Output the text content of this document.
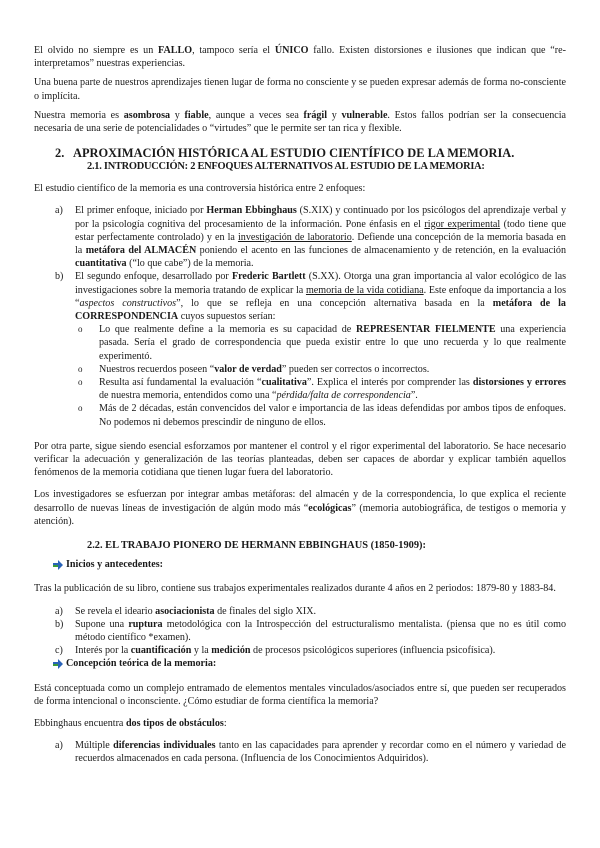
El olvido no siempre es un FALLO, tampoco sería el ÚNICO fallo. Existen distorsiones e ilusiones que indican que “re-interpretamos” nuestras experiencias.

Una buena parte de nuestros aprendizajes tienen lugar de forma no consciente y se pueden expresar además de forma no-consciente o implícita.

Nuestra memoria es asombrosa y fiable, aunque a veces sea frágil y vulnerable. Estos fallos podrían ser la consecuencia necesaria de una serie de potencialidades o “virtudes” que le permite ser tan rica y flexible.

2. APROXIMACIÓN HISTÓRICA AL ESTUDIO CIENTÍFICO DE LA MEMORIA.
2.1. INTRODUCCIÓN: 2 ENFOQUES ALTERNATIVOS AL ESTUDIO DE LA MEMORIA:

El estudio científico de la memoria es una controversia histórica entre 2 enfoques:

a) El primer enfoque, iniciado por Herman Ebbinghaus (S.XIX) y continuado por los psicólogos del aprendizaje verbal y por la psicología cognitiva del procesamiento de la información. Pone énfasis en el rigor experimental (todo tiene que estar perfectamente controlado) y en la investigación de laboratorio. Defiende una concepción de la memoria basada en la metáfora del ALMACÉN poniendo el acento en las funciones de almacenamiento y de retención, en la evaluación cuantitativa (“lo que cabe”) de la memoria.
b) El segundo enfoque, desarrollado por Frederic Bartlett (S.XX). Otorga una gran importancia al valor ecológico de las investigaciones sobre la memoria tratando de explicar la memoria de la vida cotidiana. Este enfoque da importancia a los “aspectos constructivos”, lo que se refleja en una concepción alternativa basada en la metáfora de la CORRESPONDENCIA cuyos supuestos serían:
o Lo que realmente define a la memoria es su capacidad de REPRESENTAR FIELMENTE una experiencia pasada. Sería el grado de correspondencia que pueda existir entre lo que uno recuerda y lo que realmente experimentó.
o Nuestros recuerdos poseen “valor de verdad” pueden ser correctos o incorrectos.
o Resulta así fundamental la evaluación “cualitativa”. Explica el interés por comprender las distorsiones y errores de nuestra memoria, entendidos como una “pérdida/falta de correspondencia”.
o Más de 2 décadas, están convencidos del valor e importancia de las ideas defendidas por ambos tipos de enfoques. No podemos ni debemos prescindir de ninguno de ellos.

Por otra parte, sigue siendo esencial esforzamos por mantener el control y el rigor experimental del laboratorio. Se hace necesario verificar la adecuación y generalización de las teorías planteadas, deben ser capaces de abordar y explicar también aquellos fenómenos de la memoria cotidiana que tienen lugar fuera del laboratorio.

Los investigadores se esfuerzan por integrar ambas metáforas: del almacén y de la correspondencia, lo que explica el reciente desarrollo de nuevas líneas de investigación de algún modo más “ecológicas” (memoria autobiográfica, de testigos o memoria y atención).

2.2. EL TRABAJO PIONERO DE HERMANN EBBINGHAUS (1850-1909):
Inicios y antecedentes:

Tras la publicación de su libro, contiene sus trabajos experimentales realizados durante 4 años en 2 periodos: 1879-80 y 1883-84.

a) Se revela el ideario asociacionista de finales del siglo XIX.
b) Supone una ruptura metodológica con la Introspección del estructuralismo mentalista. (piensa que no es útil como método científico *examen).
c) Interés por la cuantificación y la medición de procesos psicológicos superiores (influencia psicofísica).
Concepción teórica de la memoria:

Está conceptuada como un complejo entramado de elementos mentales vinculados/asociados entre sí, que pueden ser recuperados de forma intencional o inconsciente. ¿Cómo estudiar de forma científica la memoria?

Ebbinghaus encuentra dos tipos de obstáculos:

a) Múltiple diferencias individuales tanto en las capacidades para aprender y recordar como en el número y variedad de recuerdos almacenados en cada persona. (Influencia de los Conocimientos Adquiridos).
